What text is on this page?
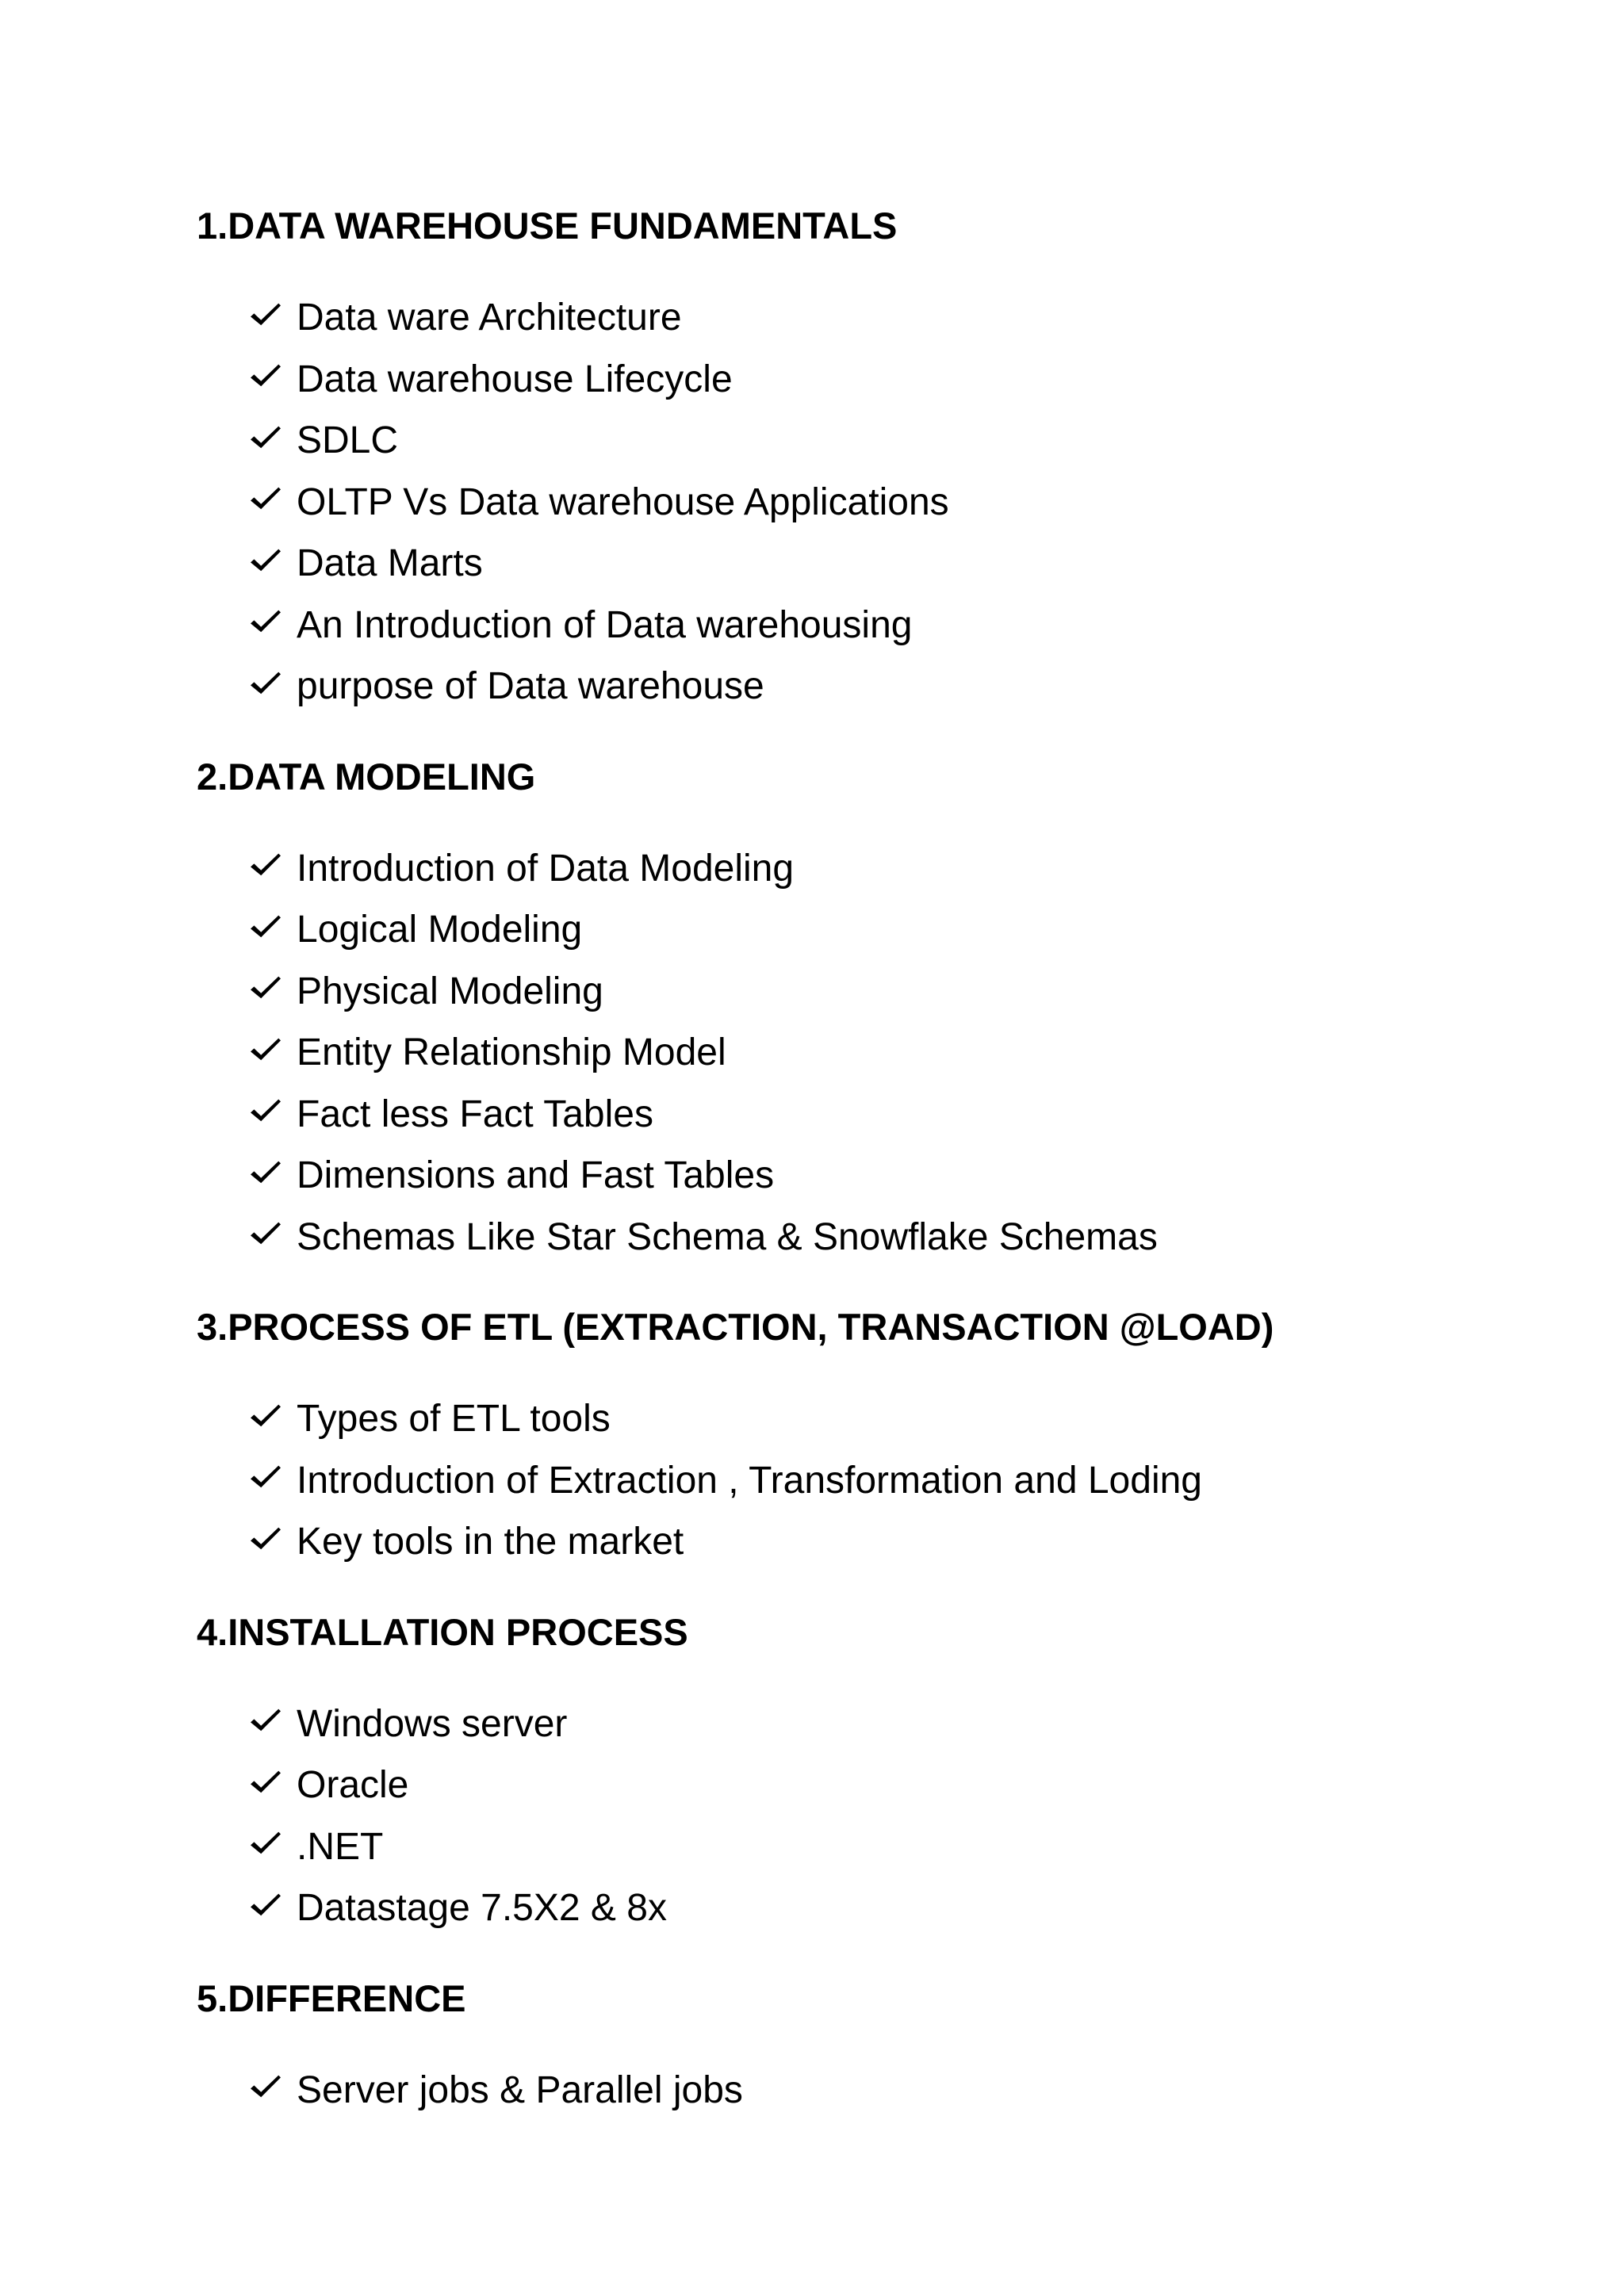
1.DATA WAREHOUSE FUNDAMENTALS
Data ware Architecture
Data warehouse Lifecycle
SDLC
OLTP Vs Data warehouse Applications
Data Marts
An Introduction of Data warehousing
purpose of Data warehouse
2.DATA MODELING
Introduction of Data Modeling
Logical Modeling
Physical Modeling
Entity Relationship Model
Fact less Fact Tables
Dimensions and Fast Tables
Schemas Like Star Schema & Snowflake Schemas
3.PROCESS OF ETL (EXTRACTION, TRANSACTION @LOAD)
Types of ETL tools
Introduction of Extraction , Transformation and Loding
Key tools in the market
4.INSTALLATION PROCESS
Windows server
Oracle
.NET
Datastage 7.5X2 & 8x
5.DIFFERENCE
Server jobs & Parallel jobs
